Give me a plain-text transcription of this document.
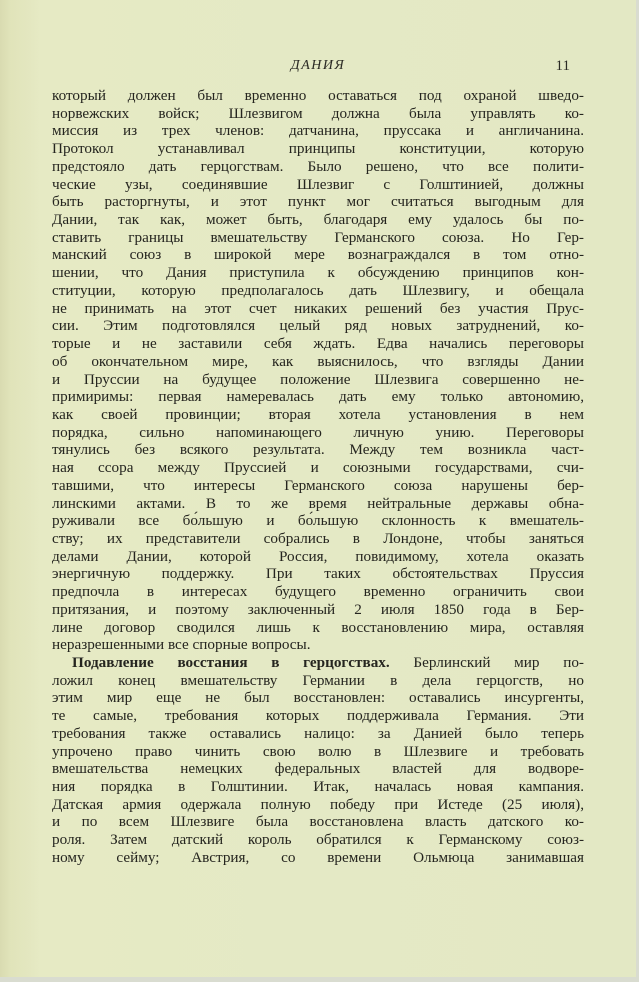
ДАНИЯ	11
который должен был временно оставаться под охраной шведо-
норвежских войск; Шлезвигом должна была управлять ко-
миссия из трех членов: датчанина, пруссака и англичанина.
Протокол устанавливал принципы конституции, которую
предстояло дать герцогствам. Было решено, что все полити-
ческие узы, соединявшие Шлезвиг с Голштинией, должны
быть расторгнуты, и этот пункт мог считаться выгодным для
Дании, так как, может быть, благодаря ему удалось бы по-
ставить границы вмешательству Германского союза. Но Гер-
манский союз в широкой мере вознаграждался в том отно-
шении, что Дания приступила к обсуждению принципов кон-
ституции, которую предполагалось дать Шлезвигу, и обещала
не принимать на этот счет никаких решений без участия Прус-
сии. Этим подготовлялся целый ряд новых затруднений, ко-
торые и не заставили себя ждать. Едва начались переговоры
об окончательном мире, как выяснилось, что взгляды Дании
и Пруссии на будущее положение Шлезвига совершенно не-
примиримы: первая намеревалась дать ему только автономию,
как своей провинции; вторая хотела установления в нем
порядка, сильно напоминающего личную унию. Переговоры
тянулись без всякого результата. Между тем возникла част-
ная ссора между Пруссией и союзными государствами, счи-
тавшими, что интересы Германского союза нарушены бер-
линскими актами. В то же время нейтральные державы обна-
руживали все бо́льшую и бо́льшую склонность к вмешатель-
ству; их представители собрались в Лондоне, чтобы заняться
делами Дании, которой Россия, повидимому, хотела оказать
энергичную поддержку. При таких обстоятельствах Пруссия
предпочла в интересах будущего временно ограничить свои
притязания, и поэтому заключенный 2 июля 1850 года в Бер-
лине договор сводился лишь к восстановлению мира, оставляя
неразрешенными все спорные вопросы.
Подавление восстания в герцогствах. Берлинский мир по-
ложил конец вмешательству Германии в дела герцогств, но
этим мир еще не был восстановлен: оставались инсургенты,
те самые, требования которых поддерживала Германия. Эти
требования также оставались налицо: за Данией было теперь
упрочено право чинить свою волю в Шлезвиге и требовать
вмешательства немецких федеральных властей для водворе-
ния порядка в Голштинии. Итак, началась новая кампания.
Датская армия одержала полную победу при Истеде (25 июля),
и по всем Шлезвиге была восстановлена власть датского ко-
роля. Затем датский король обратился к Германскому союз-
ному сейму; Австрия, со времени Ольмюца занимавшая
